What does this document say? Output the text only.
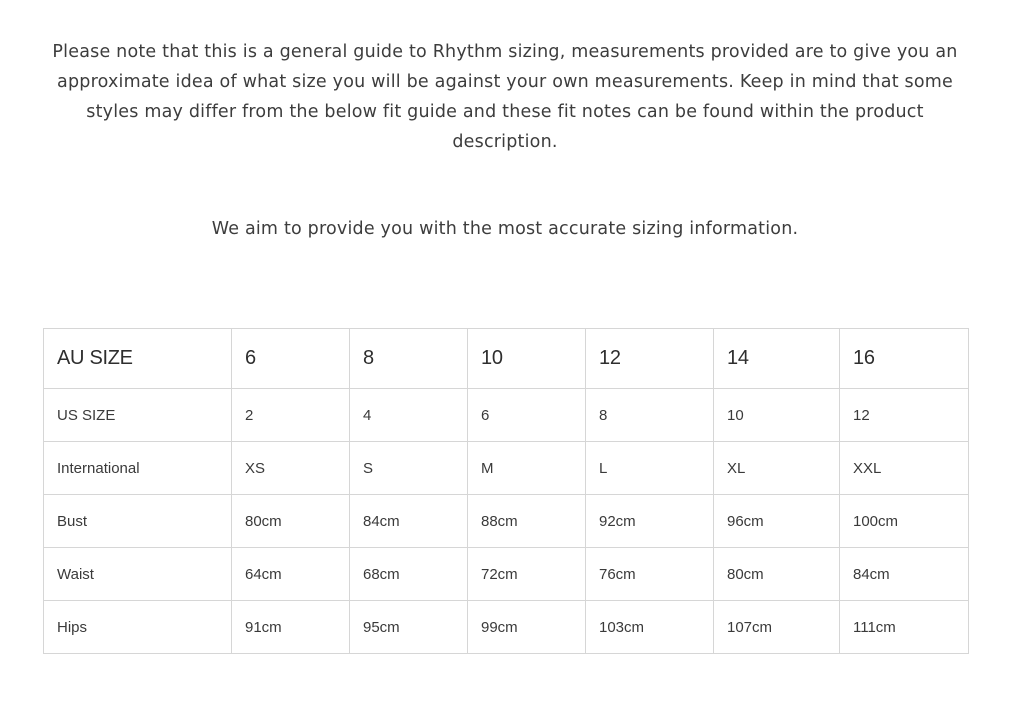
Please note that this is a general guide to Rhythm sizing, measurements provided are to give you an approximate idea of what size you will be against your own measurements. Keep in mind that some styles may differ from the below fit guide and these fit notes can be found within the product description.

We aim to provide you with the most accurate sizing information.

AU SIZE	6	8	10	12	14	16
US SIZE	2	4	6	8	10	12
International	XS	S	M	L	XL	XXL
Bust	80cm	84cm	88cm	92cm	96cm	100cm
Waist	64cm	68cm	72cm	76cm	80cm	84cm
Hips	91cm	95cm	99cm	103cm	107cm	111cm
